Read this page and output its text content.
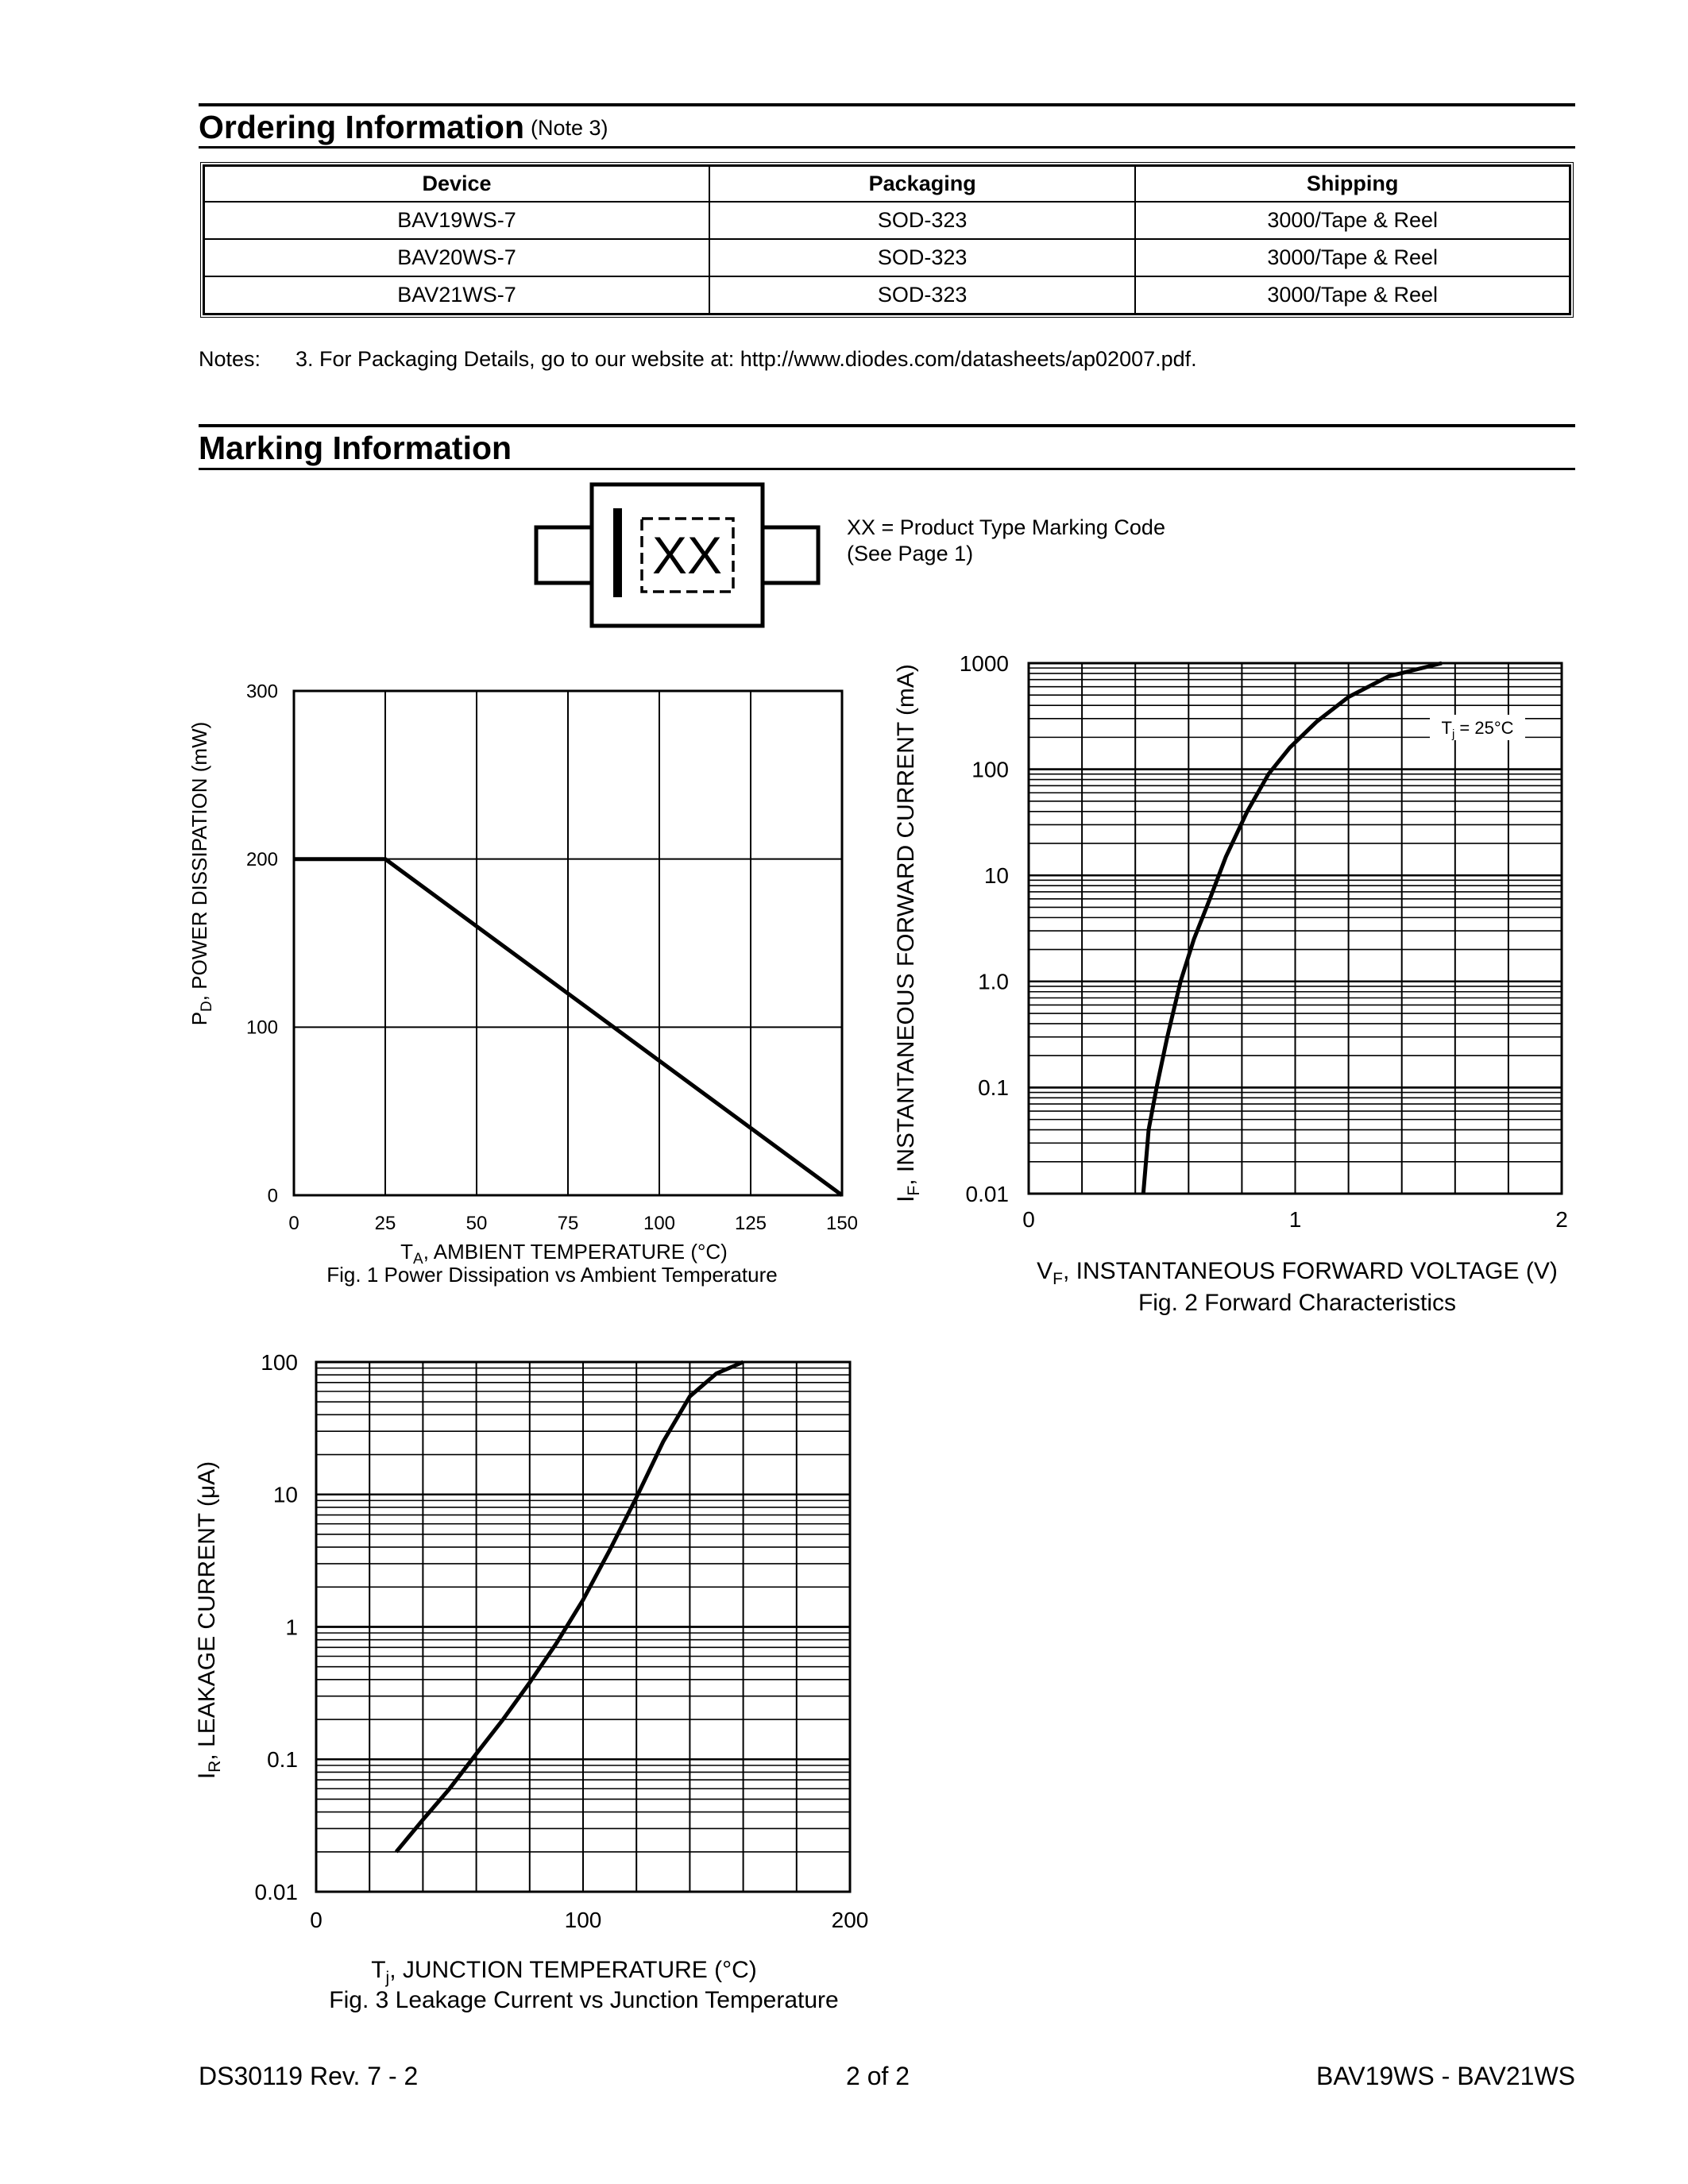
Ordering Information (Note 3)
Device	Packaging	Shipping
BAV19WS-7	SOD-323	3000/Tape & Reel
BAV20WS-7	SOD-323	3000/Tape & Reel
BAV21WS-7	SOD-323	3000/Tape & Reel
Notes: 3. For Packaging Details, go to our website at: http://www.diodes.com/datasheets/ap02007.pdf.
Marking Information
XX	XX = Product Type Marking Code
(See Page 1)
0	25	50	75	100	125	150
0
100
200
300
$P_D$, POWER DISSIPATION (mW)
$T_A$, AMBIENT TEMPERATURE (°C)
Fig. 1 Power Dissipation vs Ambient Temperature
0	1	2
0.01
0.1
1.0
10
100
1000
$I_F$, INSTANTANEOUS FORWARD CURRENT (mA)
$V_F$, INSTANTANEOUS FORWARD VOLTAGE (V)
Fig. 2 Forward Characteristics
$T_j = 25^\circ C$
0	100	200
0.01
0.1
1
10
100
$I_R$, LEAKAGE CURRENT (μA)
$T_j$, JUNCTION TEMPERATURE (°C)
Fig. 3 Leakage Current vs Junction Temperature
DS30119 Rev. 7 - 2	2 of 2	BAV19WS - BAV21WS
